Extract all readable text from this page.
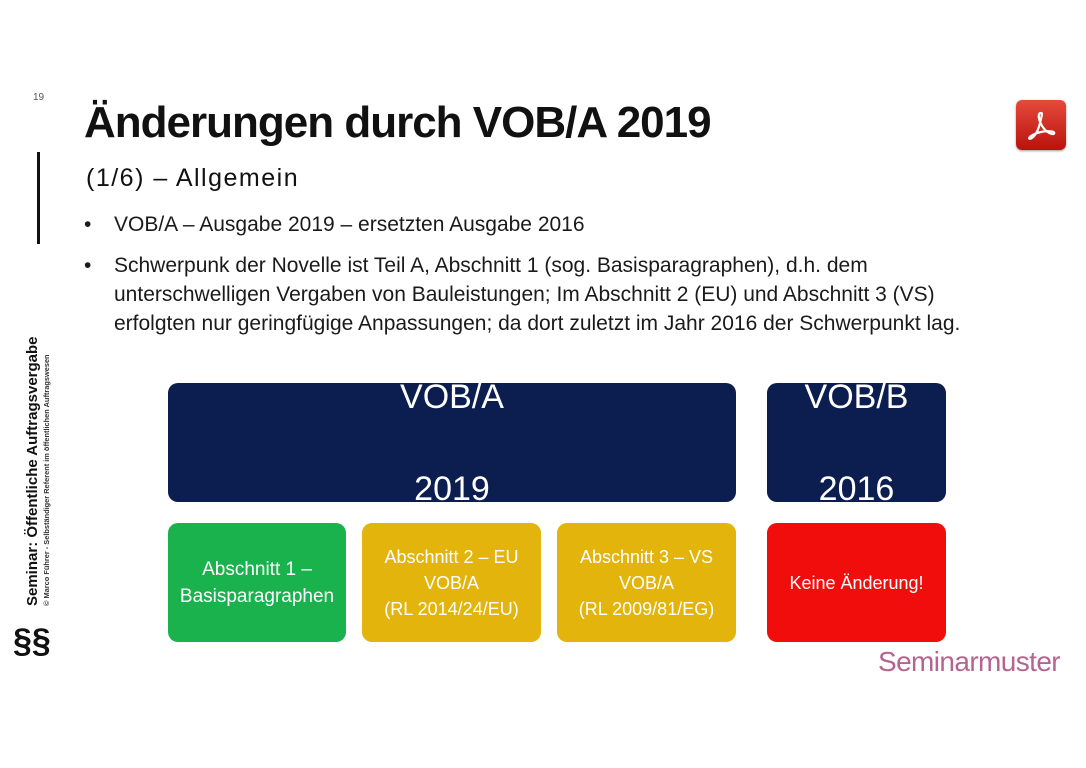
19
Seminar: Öffentliche Auftragsvergabe © Marco Führer - Selbständiger Referent im öffentlichen Auftragswesen
§§
Änderungen durch VOB/A 2019
(1/6) – Allgemein
• VOB/A – Ausgabe 2019 – ersetzten Ausgabe 2016
• Schwerpunk der Novelle ist Teil A, Abschnitt 1 (sog. Basisparagraphen), d.h. dem unterschwelligen Vergaben von Bauleistungen; Im Abschnitt 2 (EU) und Abschnitt 3 (VS) erfolgten nur geringfügige Anpassungen; da dort zuletzt im Jahr 2016 der Schwerpunkt lag.

VOB/A

2019

VOB/B

2016

Abschnitt 1 –
Basisparagraphen
Abschnitt 2 – EU
VOB/A
(RL 2014/24/EU)
Abschnitt 3 – VS
VOB/A
(RL 2009/81/EG)
Keine Änderung!
Seminarmuster
